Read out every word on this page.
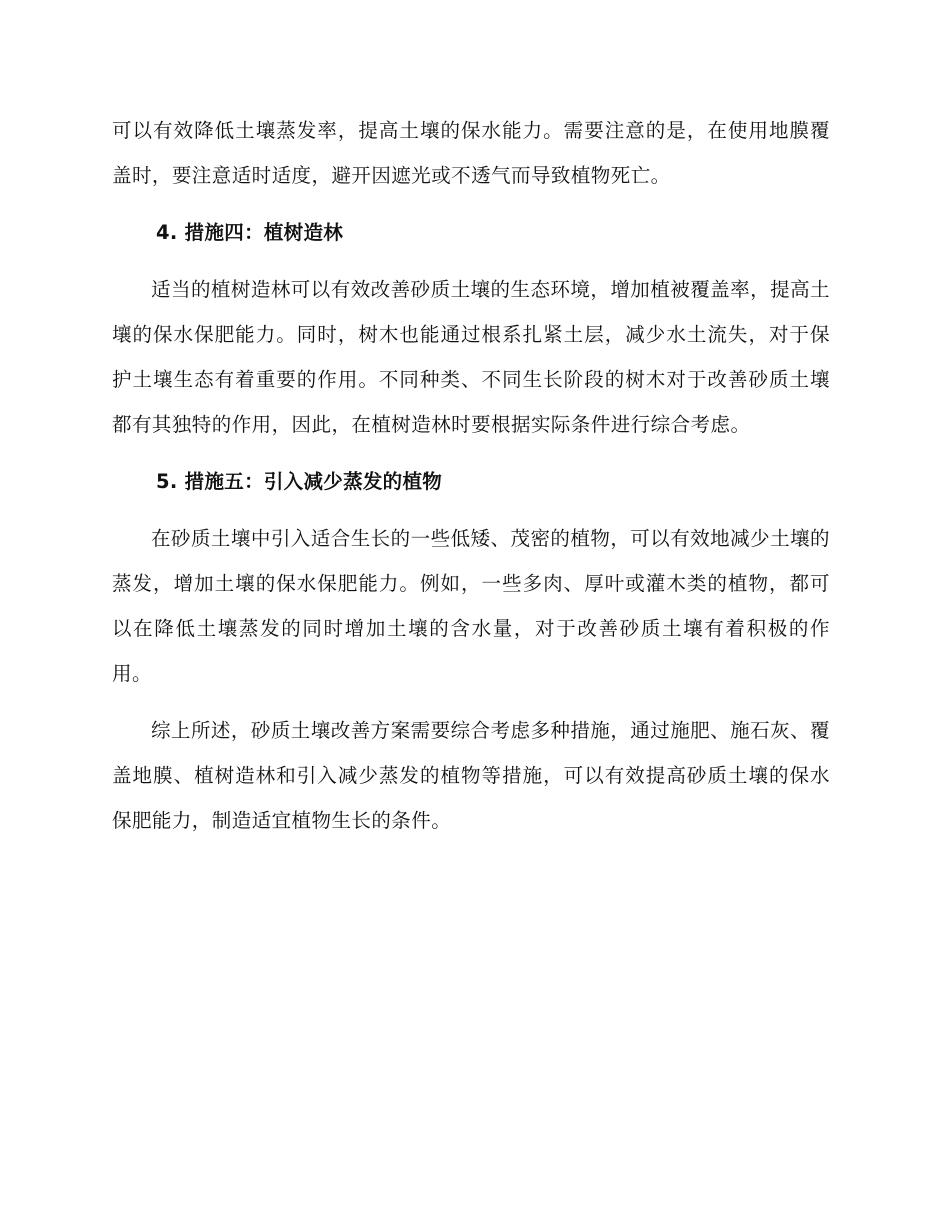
可以有效降低土壤蒸发率，提高土壤的保水能力。需要注意的是，在使用地膜覆盖时，要注意适时适度，避开因遮光或不透气而导致植物死亡。

4. 措施四：植树造林

适当的植树造林可以有效改善砂质土壤的生态环境，增加植被覆盖率，提高土壤的保水保肥能力。同时，树木也能通过根系扎紧土层，减少水土流失，对于保护土壤生态有着重要的作用。不同种类、不同生长阶段的树木对于改善砂质土壤都有其独特的作用，因此，在植树造林时要根据实际条件进行综合考虑。

5. 措施五：引入减少蒸发的植物

在砂质土壤中引入适合生长的一些低矮、茂密的植物，可以有效地减少土壤的蒸发，增加土壤的保水保肥能力。例如，一些多肉、厚叶或灌木类的植物，都可以在降低土壤蒸发的同时增加土壤的含水量，对于改善砂质土壤有着积极的作用。

综上所述，砂质土壤改善方案需要综合考虑多种措施，通过施肥、施石灰、覆盖地膜、植树造林和引入减少蒸发的植物等措施，可以有效提高砂质土壤的保水保肥能力，制造适宜植物生长的条件。
